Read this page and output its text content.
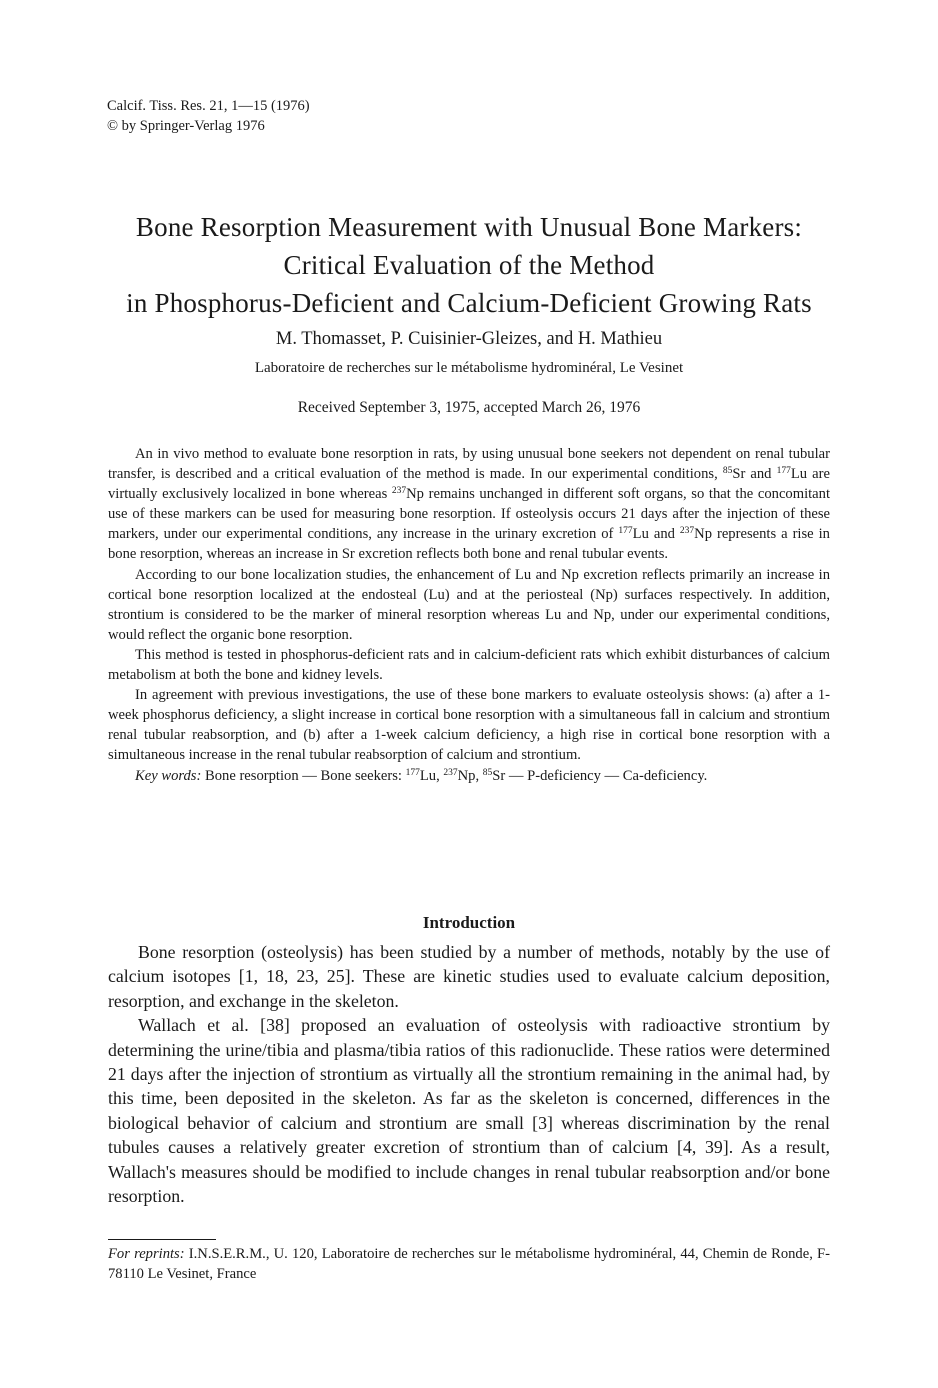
Calcif. Tiss. Res. 21, 1—15 (1976)
© by Springer-Verlag 1976
Bone Resorption Measurement with Unusual Bone Markers:
Critical Evaluation of the Method
in Phosphorus-Deficient and Calcium-Deficient Growing Rats
M. Thomasset, P. Cuisinier-Gleizes, and H. Mathieu
Laboratoire de recherches sur le métabolisme hydrominéral, Le Vesinet
Received September 3, 1975, accepted March 26, 1976

An in vivo method to evaluate bone resorption in rats, by using unusual bone seekers not dependent on renal tubular transfer, is described and a critical evaluation of the method is made. In our experimental conditions, $^{85}$Sr and $^{177}$Lu are virtually exclusively localized in bone whereas $^{237}$Np remains unchanged in different soft organs, so that the concomitant use of these markers can be used for measuring bone resorption. If osteolysis occurs 21 days after the injection of these markers, under our experimental conditions, any increase in the urinary excretion of $^{177}$Lu and $^{237}$Np represents a rise in bone resorption, whereas an increase in Sr excretion reflects both bone and renal tubular events.

According to our bone localization studies, the enhancement of Lu and Np excretion reflects primarily an increase in cortical bone resorption localized at the endosteal (Lu) and at the periosteal (Np) surfaces respectively. In addition, strontium is considered to be the marker of mineral resorption whereas Lu and Np, under our experimental conditions, would reflect the organic bone resorption.

This method is tested in phosphorus-deficient rats and in calcium-deficient rats which exhibit disturbances of calcium metabolism at both the bone and kidney levels.

In agreement with previous investigations, the use of these bone markers to evaluate osteolysis shows: (a) after a 1-week phosphorus deficiency, a slight increase in cortical bone resorption with a simultaneous fall in calcium and strontium renal tubular reabsorption, and (b) after a 1-week calcium deficiency, a high rise in cortical bone resorption with a simultaneous increase in the renal tubular reabsorption of calcium and strontium.

Key words: Bone resorption — Bone seekers: $^{177}$Lu, $^{237}$Np, $^{85}$Sr — P-deficiency — Ca-deficiency.

Introduction

Bone resorption (osteolysis) has been studied by a number of methods, notably by the use of calcium isotopes [1, 18, 23, 25]. These are kinetic studies used to evaluate calcium deposition, resorption, and exchange in the skeleton.

Wallach et al. [38] proposed an evaluation of osteolysis with radioactive strontium by determining the urine/tibia and plasma/tibia ratios of this radionuclide. These ratios were determined 21 days after the injection of strontium as virtually all the strontium remaining in the animal had, by this time, been deposited in the skeleton. As far as the skeleton is concerned, differences in the biological behavior of calcium and strontium are small [3] whereas discrimination by the renal tubules causes a relatively greater excretion of strontium than of calcium [4, 39]. As a result, Wallach's measures should be modified to include changes in renal tubular reabsorption and/or bone resorption.

For reprints: I.N.S.E.R.M., U. 120, Laboratoire de recherches sur le métabolisme hydrominéral, 44, Chemin de Ronde, F-78110 Le Vesinet, France
